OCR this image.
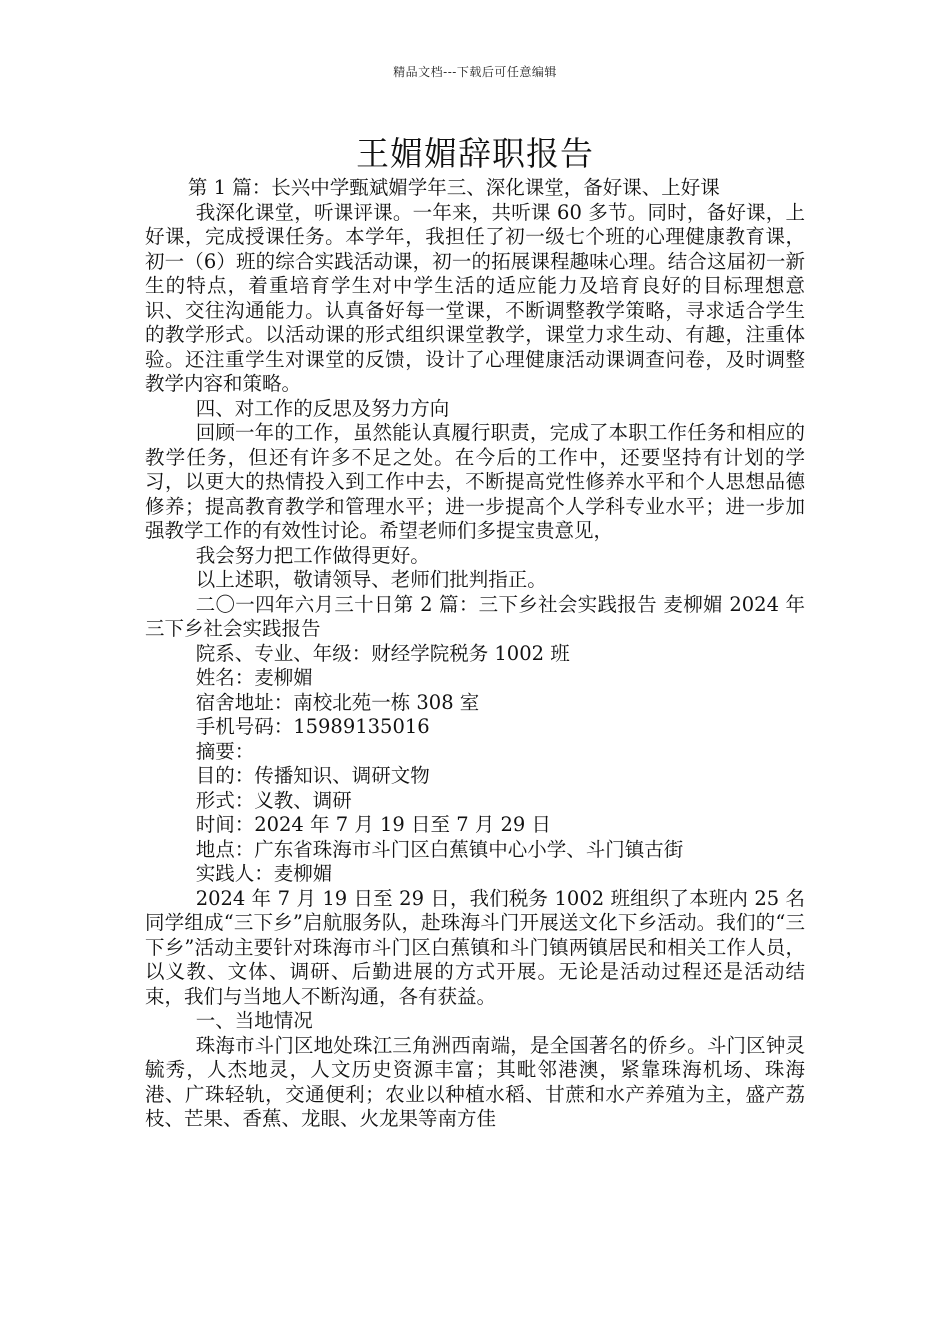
精品文档---下载后可任意编辑
王媚媚辞职报告

第 1 篇：长兴中学甄斌媚学年三、深化课堂，备好课、上好课

我深化课堂，听课评课。一年来，共听课 60 多节。同时，备好课，上好课，完成授课任务。本学年，我担任了初一级七个班的心理健康教育课，初一（6）班的综合实践活动课，初一的拓展课程趣味心理。结合这届初一新生的特点，着重培育学生对中学生活的适应能力及培育良好的目标理想意识、交往沟通能力。认真备好每一堂课，不断调整教学策略，寻求适合学生的教学形式。以活动课的形式组织课堂教学，课堂力求生动、有趣，注重体验。还注重学生对课堂的反馈，设计了心理健康活动课调查问卷，及时调整教学内容和策略。

四、对工作的反思及努力方向

回顾一年的工作，虽然能认真履行职责，完成了本职工作任务和相应的教学任务，但还有许多不足之处。在今后的工作中，还要坚持有计划的学习，以更大的热情投入到工作中去，不断提高党性修养水平和个人思想品德修养；提高教育教学和管理水平；进一步提高个人学科专业水平；进一步加强教学工作的有效性讨论。希望老师们多提宝贵意见，

我会努力把工作做得更好。

以上述职，敬请领导、老师们批判指正。

二〇一四年六月三十日第 2 篇：三下乡社会实践报告 麦柳媚 2024 年三下乡社会实践报告

院系、专业、年级：财经学院税务 1002 班

姓名：麦柳媚

宿舍地址：南校北苑一栋 308 室

手机号码：15989135016

摘要：

目的：传播知识、调研文物

形式：义教、调研

时间：2024 年 7 月 19 日至 7 月 29 日

地点：广东省珠海市斗门区白蕉镇中心小学、斗门镇古街

实践人：麦柳媚

2024 年 7 月 19 日至 29 日，我们税务 1002 班组织了本班内 25 名同学组成“三下乡”启航服务队，赴珠海斗门开展送文化下乡活动。我们的“三下乡”活动主要针对珠海市斗门区白蕉镇和斗门镇两镇居民和相关工作人员，以义教、文体、调研、后勤进展的方式开展。无论是活动过程还是活动结束，我们与当地人不断沟通，各有获益。

一、当地情况

珠海市斗门区地处珠江三角洲西南端，是全国著名的侨乡。斗门区钟灵毓秀，人杰地灵，人文历史资源丰富；其毗邻港澳，紧靠珠海机场、珠海港、广珠轻轨，交通便利；农业以种植水稻、甘蔗和水产养殖为主，盛产荔枝、芒果、香蕉、龙眼、火龙果等南方佳
